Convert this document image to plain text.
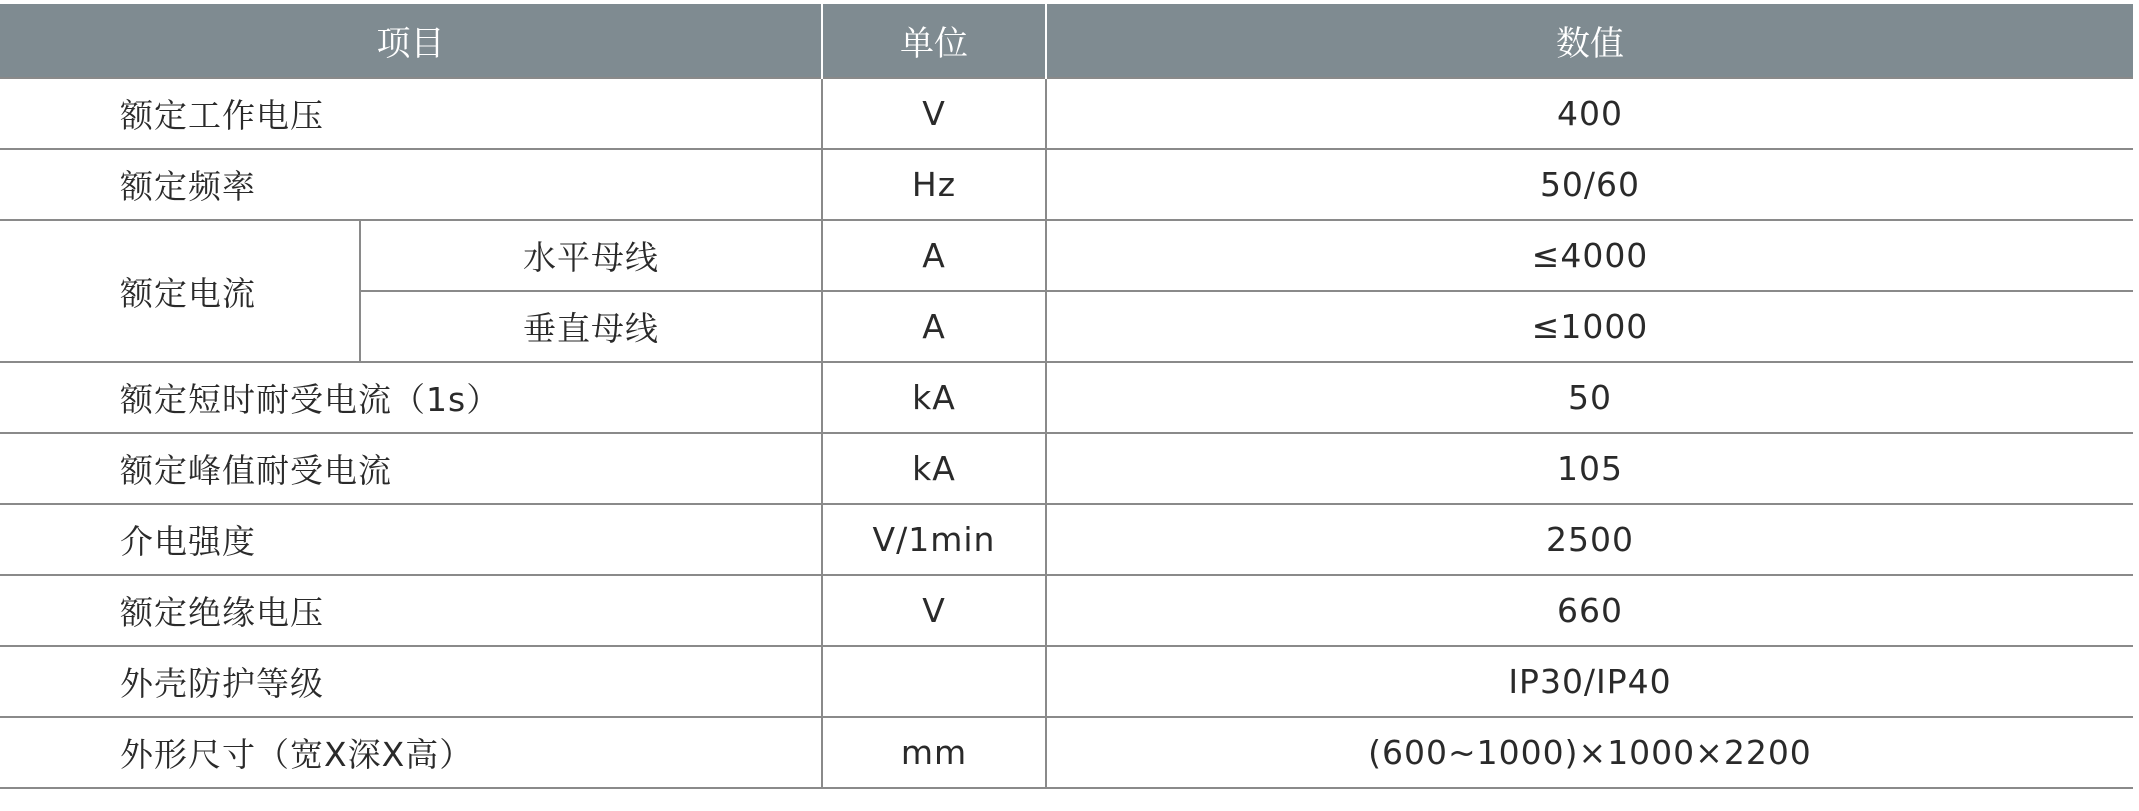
项目		单位	数值
额定工作电压		V	400
额定频率		Hz	50/60
额定电流	水平母线	A	≤4000
	垂直母线	A	≤1000
额定短时耐受电流（1s）		kA	50
额定峰值耐受电流		kA	105
介电强度		V/1min	2500
额定绝缘电压		V	660
外壳防护等级			IP30/IP40
外形尺寸（宽X深X高）		mm	(600~1000)×1000×2200
